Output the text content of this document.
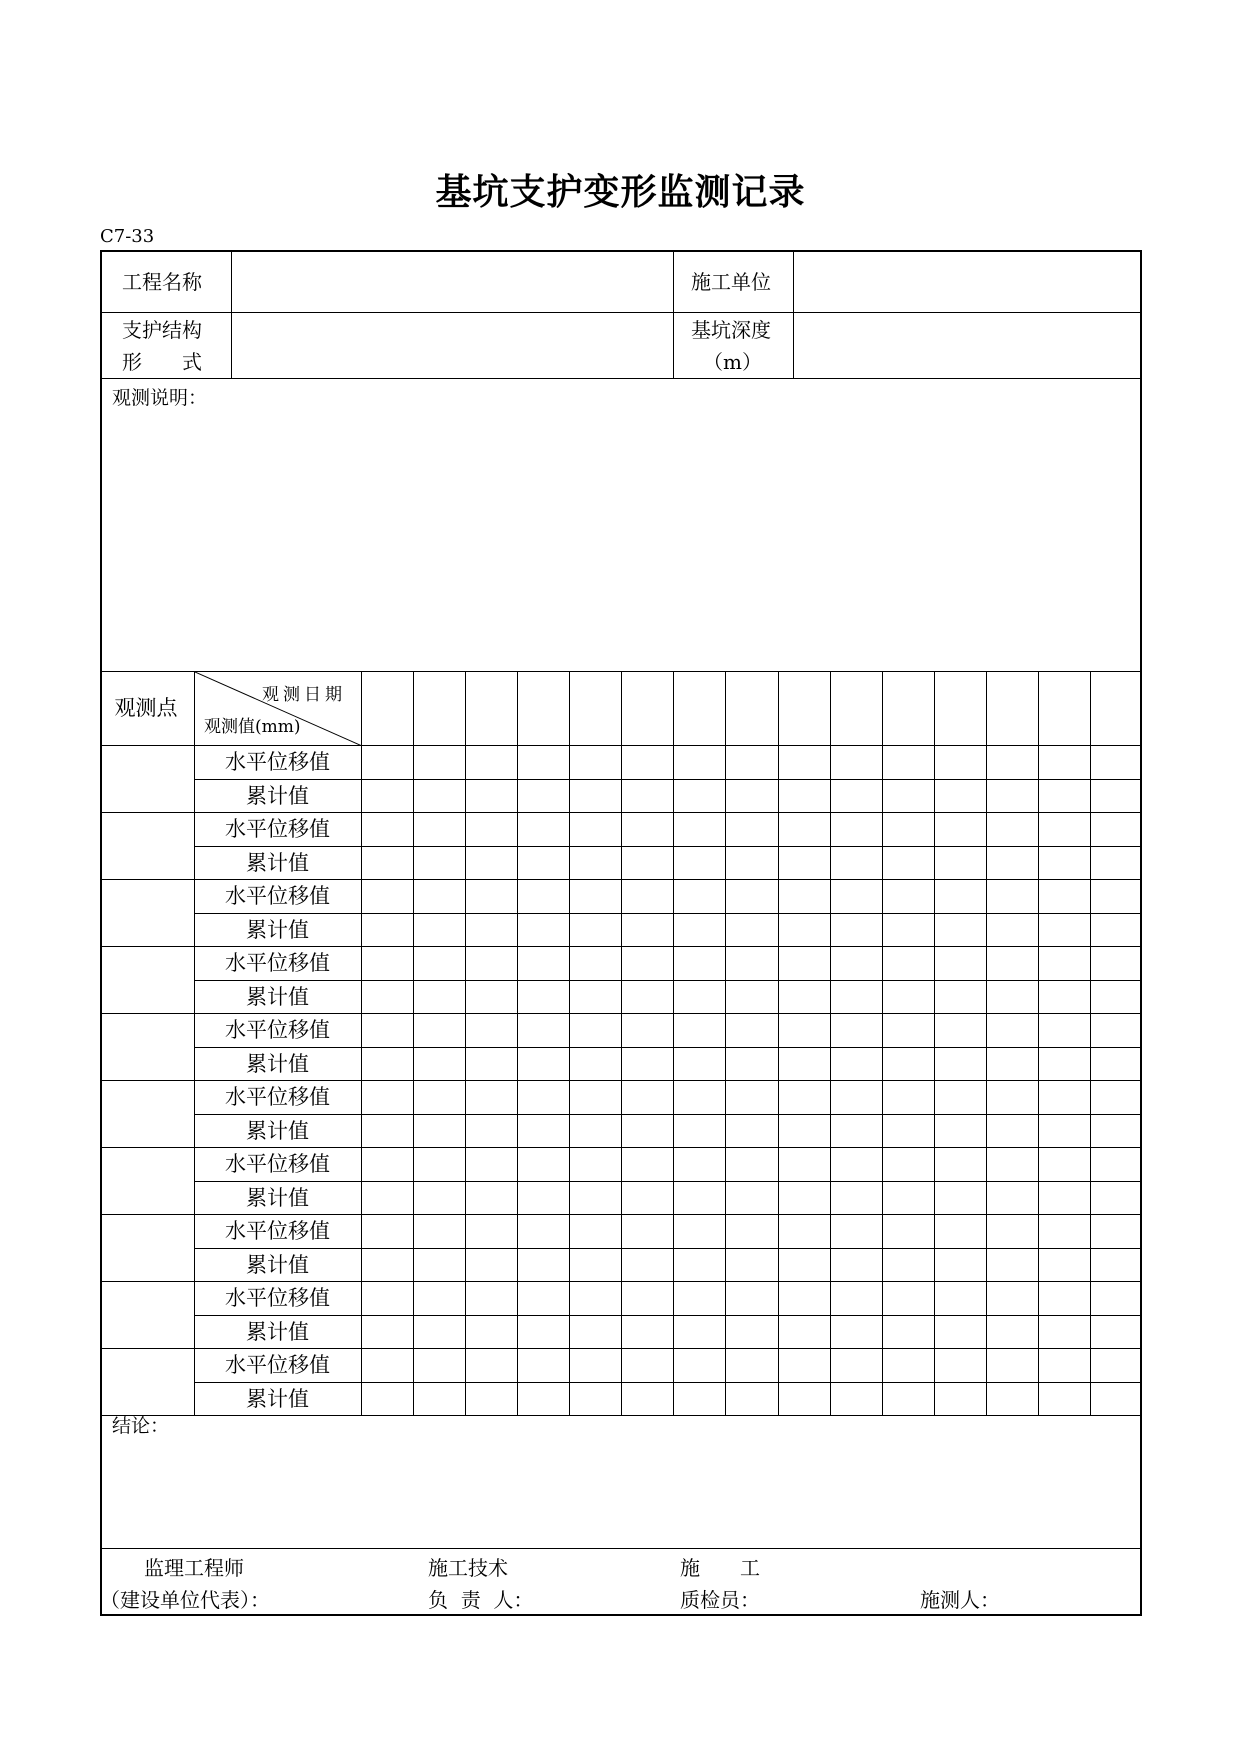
基坑支护变形监测记录
C7-33
工程名称	施工单位
支护结构
形　　式
基坑深度
（m）
观测说明：
观测点
观测日期
观测值(mm)
水平位移值
累计值
水平位移值
累计值
水平位移值
累计值
水平位移值
累计值
水平位移值
累计值
水平位移值
累计值
水平位移值
累计值
水平位移值
累计值
水平位移值
累计值
水平位移值
累计值
结论：
监理工程师
（建设单位代表）：
施工技术
负  责  人：
施　　工
质检员：	施测人：
